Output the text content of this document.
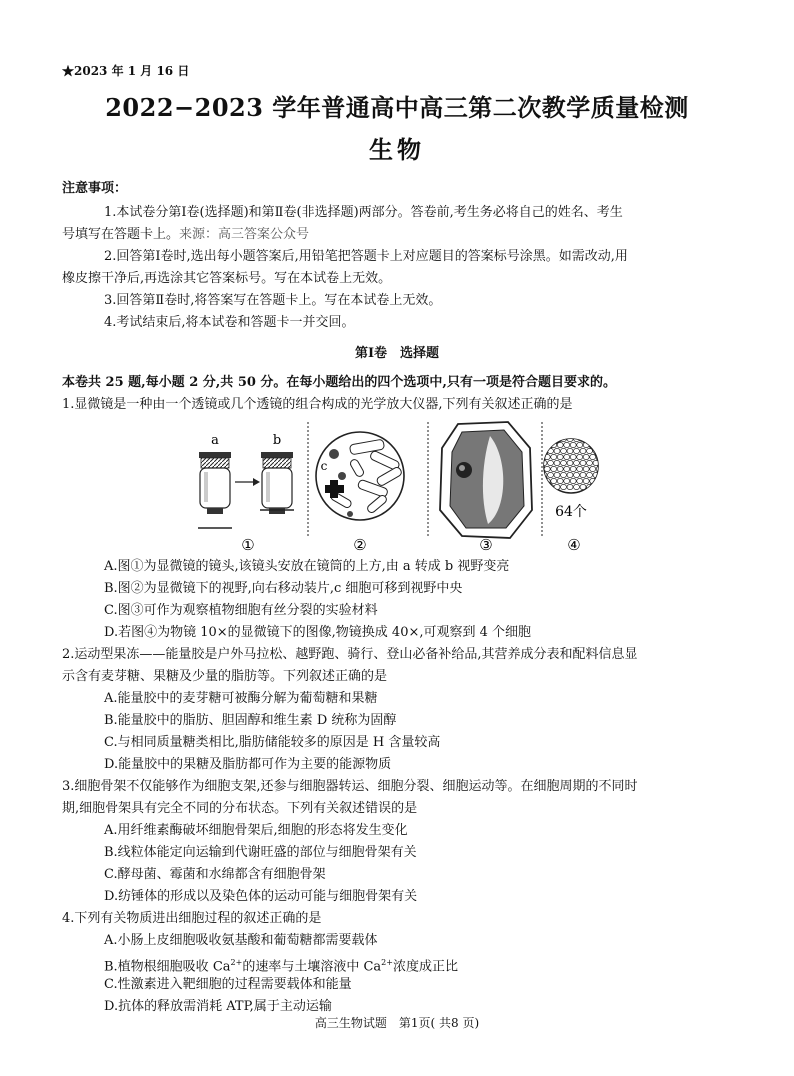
★2023 年 1 月 16 日
2022−2023 学年普通高中高三第二次教学质量检测
生物
注意事项：
1.本试卷分第Ⅰ卷(选择题)和第Ⅱ卷(非选择题)两部分。答卷前,考生务必将自己的姓名、考生
号填写在答题卡上。来源：高三答案公众号
2.回答第Ⅰ卷时,选出每小题答案后,用铅笔把答题卡上对应题目的答案标号涂黑。如需改动,用
橡皮擦干净后,再选涂其它答案标号。写在本试卷上无效。
3.回答第Ⅱ卷时,将答案写在答题卡上。写在本试卷上无效。
4.考试结束后,将本试卷和答题卡一并交回。
第Ⅰ卷　选择题
本卷共 25 题,每小题 2 分,共 50 分。在每小题给出的四个选项中,只有一项是符合题目要求的。
1.显微镜是一种由一个透镜或几个透镜的组合构成的光学放大仪器,下列有关叙述正确的是
a	b
①
c
②	③
64个
④
A.图①为显微镜的镜头,该镜头安放在镜筒的上方,由 a 转成 b 视野变亮
B.图②为显微镜下的视野,向右移动装片,c 细胞可移到视野中央
C.图③可作为观察植物细胞有丝分裂的实验材料
D.若图④为物镜 10×的显微镜下的图像,物镜换成 40×,可观察到 4 个细胞
2.运动型果冻——能量胶是户外马拉松、越野跑、骑行、登山必备补给品,其营养成分表和配料信息显
示含有麦芽糖、果糖及少量的脂肪等。下列叙述正确的是
A.能量胶中的麦芽糖可被酶分解为葡萄糖和果糖
B.能量胶中的脂肪、胆固醇和维生素 D 统称为固醇
C.与相同质量糖类相比,脂肪储能较多的原因是 H 含量较高
D.能量胶中的果糖及脂肪都可作为主要的能源物质
3.细胞骨架不仅能够作为细胞支架,还参与细胞器转运、细胞分裂、细胞运动等。在细胞周期的不同时
期,细胞骨架具有完全不同的分布状态。下列有关叙述错误的是
A.用纤维素酶破坏细胞骨架后,细胞的形态将发生变化
B.线粒体能定向运输到代谢旺盛的部位与细胞骨架有关
C.酵母菌、霉菌和水绵都含有细胞骨架
D.纺锤体的形成以及染色体的运动可能与细胞骨架有关
4.下列有关物质进出细胞过程的叙述正确的是
A.小肠上皮细胞吸收氨基酸和葡萄糖都需要载体
B.植物根细胞吸收 $Ca^{2+}$的速率与土壤溶液中 $Ca^{2+}$浓度成正比
C.性激素进入靶细胞的过程需要载体和能量
D.抗体的释放需消耗 ATP,属于主动运输
高三生物试题　第1页( 共8 页)
